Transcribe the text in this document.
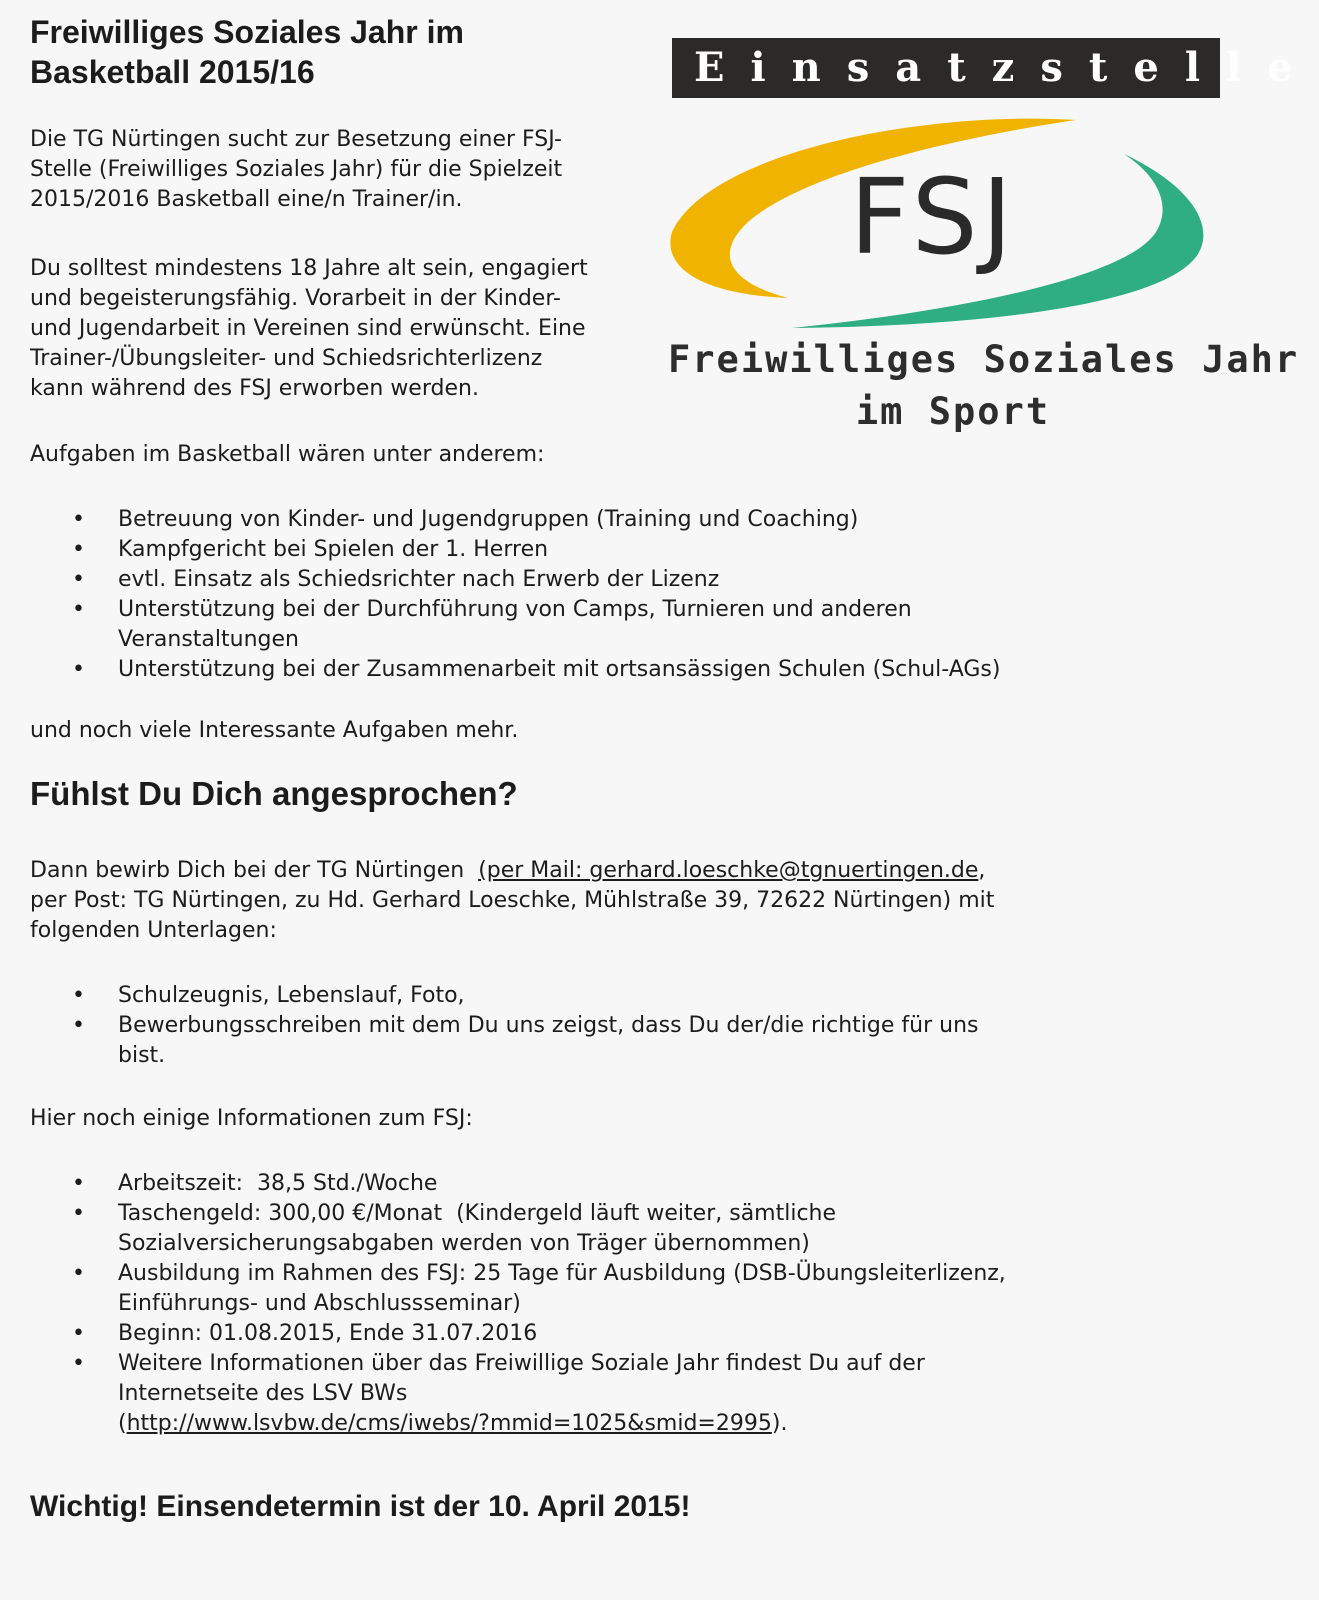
Freiwilliges Soziales Jahr im
Basketball 2015/16	Einsatzstelle
FSJ
Freiwilliges Soziales Jahr
im Sport

Die TG Nürtingen sucht zur Besetzung einer FSJ-
Stelle (Freiwilliges Soziales Jahr) für die Spielzeit
2015/2016 Basketball eine/n Trainer/in.

Du solltest mindestens 18 Jahre alt sein, engagiert
und begeisterungsfähig. Vorarbeit in der Kinder-
und Jugendarbeit in Vereinen sind erwünscht. Eine
Trainer-/Übungsleiter- und Schiedsrichterlizenz
kann während des FSJ erworben werden.

Aufgaben im Basketball wären unter anderem:

• Betreuung von Kinder- und Jugendgruppen (Training und Coaching)
• Kampfgericht bei Spielen der 1. Herren
• evtl. Einsatz als Schiedsrichter nach Erwerb der Lizenz
• Unterstützung bei der Durchführung von Camps, Turnieren und anderen
Veranstaltungen
• Unterstützung bei der Zusammenarbeit mit ortsansässigen Schulen (Schul-AGs)

und noch viele Interessante Aufgaben mehr.

Fühlst Du Dich angesprochen?

Dann bewirb Dich bei der TG Nürtingen  (per Mail: gerhard.loeschke@tgnuertingen.de,
per Post: TG Nürtingen, zu Hd. Gerhard Loeschke, Mühlstraße 39, 72622 Nürtingen) mit
folgenden Unterlagen:

• Schulzeugnis, Lebenslauf, Foto,
• Bewerbungsschreiben mit dem Du uns zeigst, dass Du der/die richtige für uns
bist.

Hier noch einige Informationen zum FSJ:

• Arbeitszeit:  38,5 Std./Woche
• Taschengeld: 300,00 €/Monat  (Kindergeld läuft weiter, sämtliche
Sozialversicherungsabgaben werden von Träger übernommen)
• Ausbildung im Rahmen des FSJ: 25 Tage für Ausbildung (DSB-Übungsleiterlizenz,
Einführungs- und Abschlussseminar)
• Beginn: 01.08.2015, Ende 31.07.2016
• Weitere Informationen über das Freiwillige Soziale Jahr findest Du auf der
Internetseite des LSV BWs
(http://www.lsvbw.de/cms/iwebs/?mmid=1025&smid=2995).

Wichtig! Einsendetermin ist der 10. April 2015!
